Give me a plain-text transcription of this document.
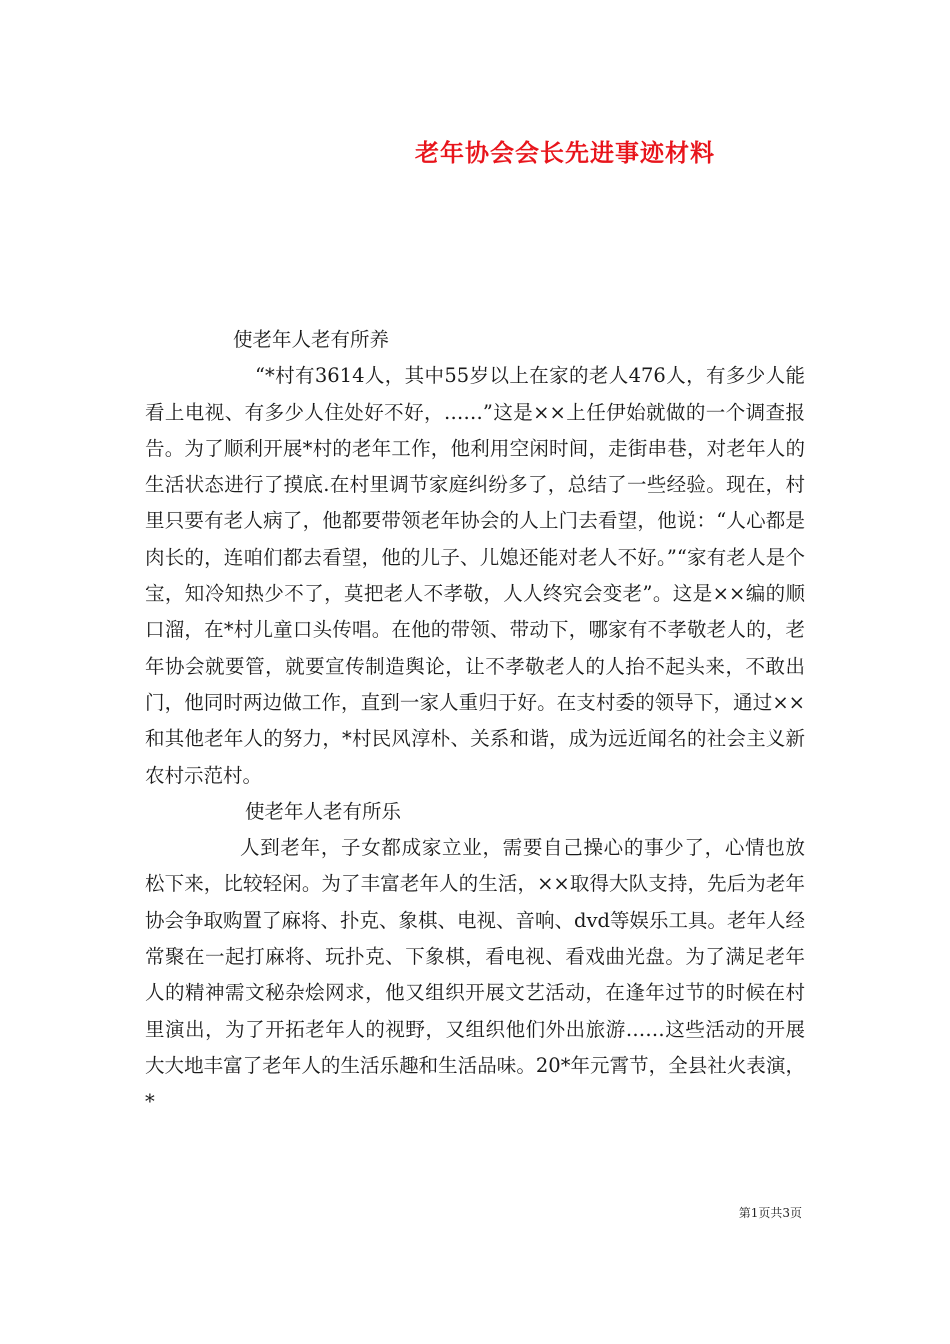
老年协会会长先进事迹材料

使老年人老有所养

“*村有3614人，其中55岁以上在家的老人476人，有多少人能看上电视、有多少人住处好不好，……”这是××上任伊始就做的一个调查报告。为了顺利开展*村的老年工作，他利用空闲时间，走街串巷，对老年人的生活状态进行了摸底.在村里调节家庭纠纷多了，总结了一些经验。现在，村里只要有老人病了，他都要带领老年协会的人上门去看望，他说：“人心都是肉长的，连咱们都去看望，他的儿子、儿媳还能对老人不好。”“家有老人是个宝，知冷知热少不了，莫把老人不孝敬，人人终究会变老”。这是××编的顺口溜，在*村儿童口头传唱。在他的带领、带动下，哪家有不孝敬老人的，老年协会就要管，就要宣传制造舆论，让不孝敬老人的人抬不起头来，不敢出门，他同时两边做工作，直到一家人重归于好。在支村委的领导下，通过××和其他老年人的努力，*村民风淳朴、关系和谐，成为远近闻名的社会主义新农村示范村。

使老年人老有所乐

人到老年，子女都成家立业，需要自己操心的事少了，心情也放松下来，比较轻闲。为了丰富老年人的生活，××取得大队支持，先后为老年协会争取购置了麻将、扑克、象棋、电视、音响、dvd等娱乐工具。老年人经常聚在一起打麻将、玩扑克、下象棋，看电视、看戏曲光盘。为了满足老年人的精神需文秘杂烩网求，他又组织开展文艺活动，在逢年过节的时候在村里演出，为了开拓老年人的视野，又组织他们外出旅游……这些活动的开展大大地丰富了老年人的生活乐趣和生活品味。20*年元霄节，全县社火表演，*

第1页共3页
